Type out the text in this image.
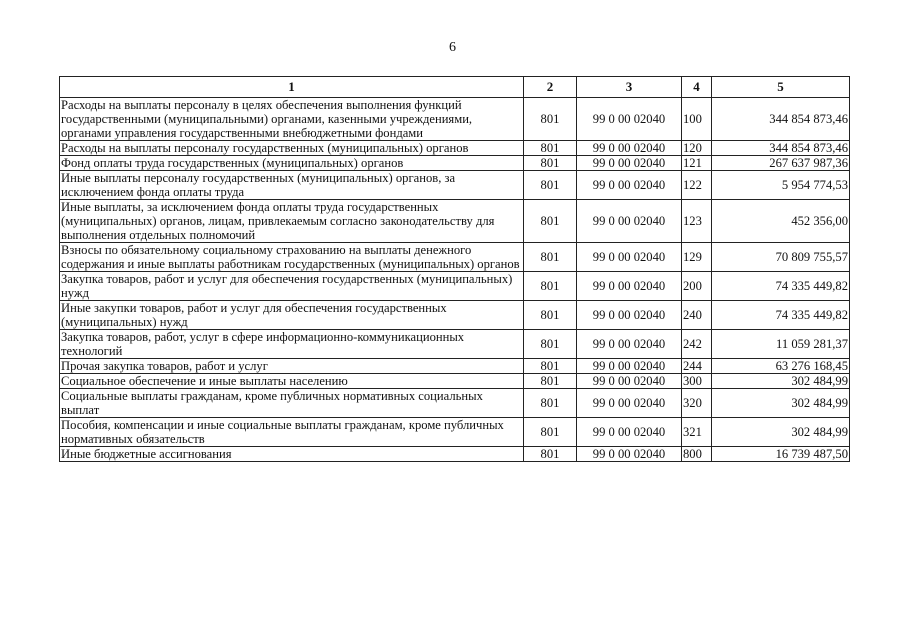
6
1	2	3	4	5
Расходы на выплаты персоналу в целях обеспечения выполнения функций государственными (муниципальными) органами, казенными учреждениями, органами управления государственными внебюджетными фондами	801	99 0 00 02040	100	344 854 873,46
Расходы на выплаты персоналу государственных (муниципальных) органов	801	99 0 00 02040	120	344 854 873,46
Фонд оплаты труда государственных (муниципальных) органов	801	99 0 00 02040	121	267 637 987,36
Иные выплаты персоналу государственных (муниципальных) органов, за исключением фонда оплаты труда	801	99 0 00 02040	122	5 954 774,53
Иные выплаты, за исключением фонда оплаты труда государственных (муниципальных) органов, лицам, привлекаемым согласно законодательству для выполнения отдельных полномочий	801	99 0 00 02040	123	452 356,00
Взносы по обязательному социальному страхованию на выплаты денежного содержания и иные выплаты работникам государственных (муниципальных) органов	801	99 0 00 02040	129	70 809 755,57
Закупка товаров, работ и услуг для обеспечения государственных (муниципальных) нужд	801	99 0 00 02040	200	74 335 449,82
Иные закупки товаров, работ и услуг для обеспечения государственных (муниципальных) нужд	801	99 0 00 02040	240	74 335 449,82
Закупка товаров, работ, услуг в сфере информационно-коммуникационных технологий	801	99 0 00 02040	242	11 059 281,37
Прочая закупка товаров, работ и услуг	801	99 0 00 02040	244	63 276 168,45
Социальное обеспечение и иные выплаты населению	801	99 0 00 02040	300	302 484,99
Социальные выплаты гражданам, кроме публичных нормативных социальных выплат	801	99 0 00 02040	320	302 484,99
Пособия, компенсации и иные социальные выплаты гражданам, кроме публичных нормативных обязательств	801	99 0 00 02040	321	302 484,99
Иные бюджетные ассигнования	801	99 0 00 02040	800	16 739 487,50
